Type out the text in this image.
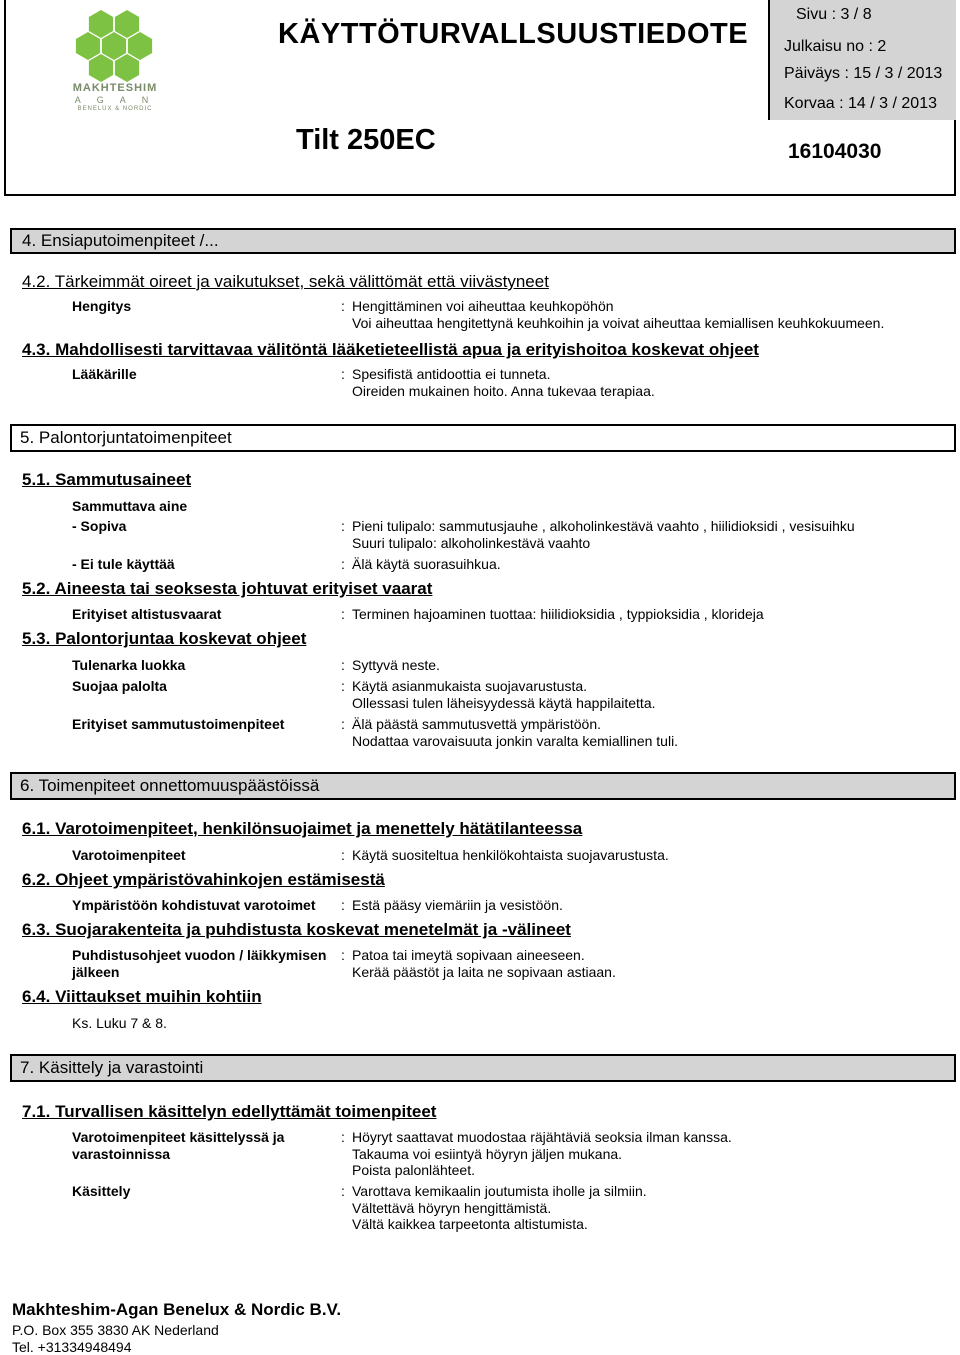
MAKHTESHIM
A G A N
BENELUX & NORDIC
KÄYTTÖTURVALLSUUSTIEDOTE
Tilt 250EC	16104030
Sivu : 3 / 8
Julkaisu no : 2
Päiväys : 15 / 3 / 2013
Korvaa : 14 / 3 / 2013
4. Ensiaputoimenpiteet /...
4.2. Tärkeimmät oireet ja vaikutukset, sekä välittömät että viivästyneet
Hengitys	: Hengittäminen voi aiheuttaa keuhkopöhön
Voi aiheuttaa hengitettynä keuhkoihin ja voivat aiheuttaa kemiallisen keuhkokuumeen.
4.3. Mahdollisesti tarvittavaa välitöntä lääketieteellistä apua ja erityishoitoa koskevat ohjeet
Lääkärille	: Spesifistä antidoottia ei tunneta.
Oireiden mukainen hoito. Anna tukevaa terapiaa.
5. Palontorjuntatoimenpiteet
5.1. Sammutusaineet
Sammuttava aine
- Sopiva	: Pieni tulipalo: sammutusjauhe , alkoholinkestävä vaahto , hiilidioksidi , vesisuihku
Suuri tulipalo: alkoholinkestävä vaahto
- Ei tule käyttää	: Älä käytä suorasuihkua.
5.2. Aineesta tai seoksesta johtuvat erityiset vaarat
Erityiset altistusvaarat	: Terminen hajoaminen tuottaa: hiilidioksidia , typpioksidia , klorideja
5.3. Palontorjuntaa koskevat ohjeet
Tulenarka luokka	: Syttyvä neste.
Suojaa palolta	: Käytä asianmukaista suojavarustusta.
Ollessasi tulen läheisyydessä käytä happilaitetta.
Erityiset sammutustoimenpiteet	: Älä päästä sammutusvettä ympäristöön.
Nodattaa varovaisuuta jonkin varalta kemiallinen tuli.
6. Toimenpiteet onnettomuuspäästöissä
6.1. Varotoimenpiteet, henkilönsuojaimet ja menettely hätätilanteessa
Varotoimenpiteet	: Käytä suositeltua henkilökohtaista suojavarustusta.
6.2. Ohjeet ympäristövahinkojen estämisestä
Ympäristöön kohdistuvat varotoimet : Estä pääsy viemäriin ja vesistöön.
6.3. Suojarakenteita ja puhdistusta koskevat menetelmät ja -välineet
Puhdistusohjeet vuodon / läikkymisen
jälkeen
: Patoa tai imeytä sopivaan aineeseen.
Kerää päästöt ja laita ne sopivaan astiaan.
6.4. Viittaukset muihin kohtiin
Ks. Luku 7 & 8.
7. Käsittely ja varastointi
7.1. Turvallisen käsittelyn edellyttämät toimenpiteet
Varotoimenpiteet käsittelyssä ja
varastoinnissa
: Höyryt saattavat muodostaa räjähtäviä seoksia ilman kanssa.
Takauma voi esiintyä höyryn jäljen mukana.
Poista palonlähteet.
Käsittely	: Varottava kemikaalin joutumista iholle ja silmiin.
Vältettävä höyryn hengittämistä.
Vältä kaikkea tarpeetonta altistumista.
Makhteshim-Agan Benelux & Nordic B.V.
P.O. Box 355 3830 AK Nederland
Tel. +31334948494
